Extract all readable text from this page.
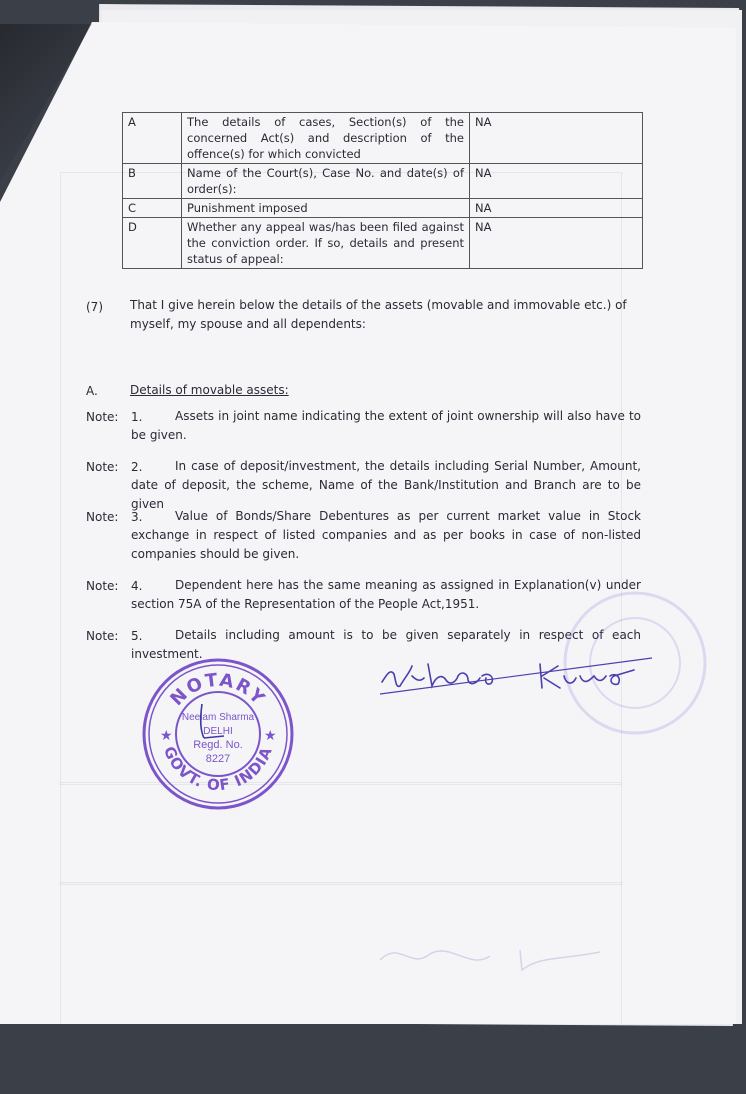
A	The details of cases, Section(s) of the concerned Act(s) and description of the offence(s) for which convicted	NA
B	Name of the Court(s), Case No. and date(s) of order(s):	NA
C	Punishment imposed	NA
D	Whether any appeal was/has been filed against the conviction order. If so, details and present status of appeal:	NA
(7) That I give herein below the details of the assets (movable and immovable etc.) of myself, my spouse and all dependents:
A.	Details of movable assets:
Note: 1.	Assets in joint name indicating the extent of joint ownership will also have to be given.
Note: 2.	In case of deposit/investment, the details including Serial Number, Amount, date of deposit, the scheme, Name of the Bank/Institution and Branch are to be given
Note: 3.	Value of Bonds/Share Debentures as per current market value in Stock exchange in respect of listed companies and as per books in case of non-listed companies should be given.
Note: 4.	Dependent here has the same meaning as assigned in Explanation(v) under section 75A of the Representation of the People Act,1951.
Note: 5.	Details including amount is to be given separately in respect of each investment.
NOTARY
GOVT. OF INDIA
★	★
Neelam Sharma
DELHI
Regd. No.
8227
